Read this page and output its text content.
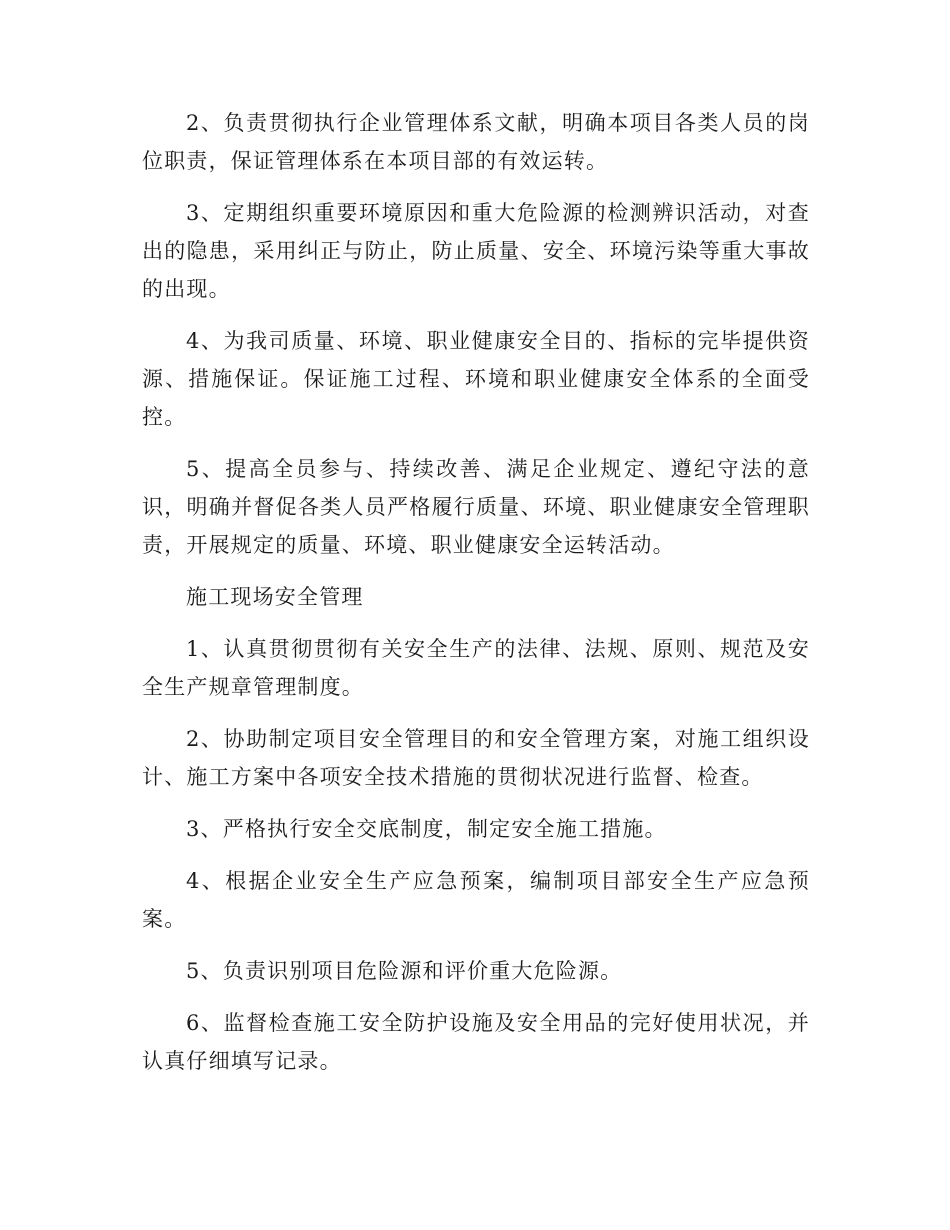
2、负责贯彻执行企业管理体系文献，明确本项目各类人员的岗位职责，保证管理体系在本项目部的有效运转。

3、定期组织重要环境原因和重大危险源的检测辨识活动，对查出的隐患，采用纠正与防止，防止质量、安全、环境污染等重大事故的出现。

4、为我司质量、环境、职业健康安全目的、指标的完毕提供资源、措施保证。保证施工过程、环境和职业健康安全体系的全面受控。

5、提高全员参与、持续改善、满足企业规定、遵纪守法的意识，明确并督促各类人员严格履行质量、环境、职业健康安全管理职责，开展规定的质量、环境、职业健康安全运转活动。

施工现场安全管理

1、认真贯彻贯彻有关安全生产的法律、法规、原则、规范及安全生产规章管理制度。

2、协助制定项目安全管理目的和安全管理方案，对施工组织设计、施工方案中各项安全技术措施的贯彻状况进行监督、检查。

3、严格执行安全交底制度，制定安全施工措施。

4、根据企业安全生产应急预案，编制项目部安全生产应急预案。

5、负责识别项目危险源和评价重大危险源。

6、监督检查施工安全防护设施及安全用品的完好使用状况，并认真仔细填写记录。
